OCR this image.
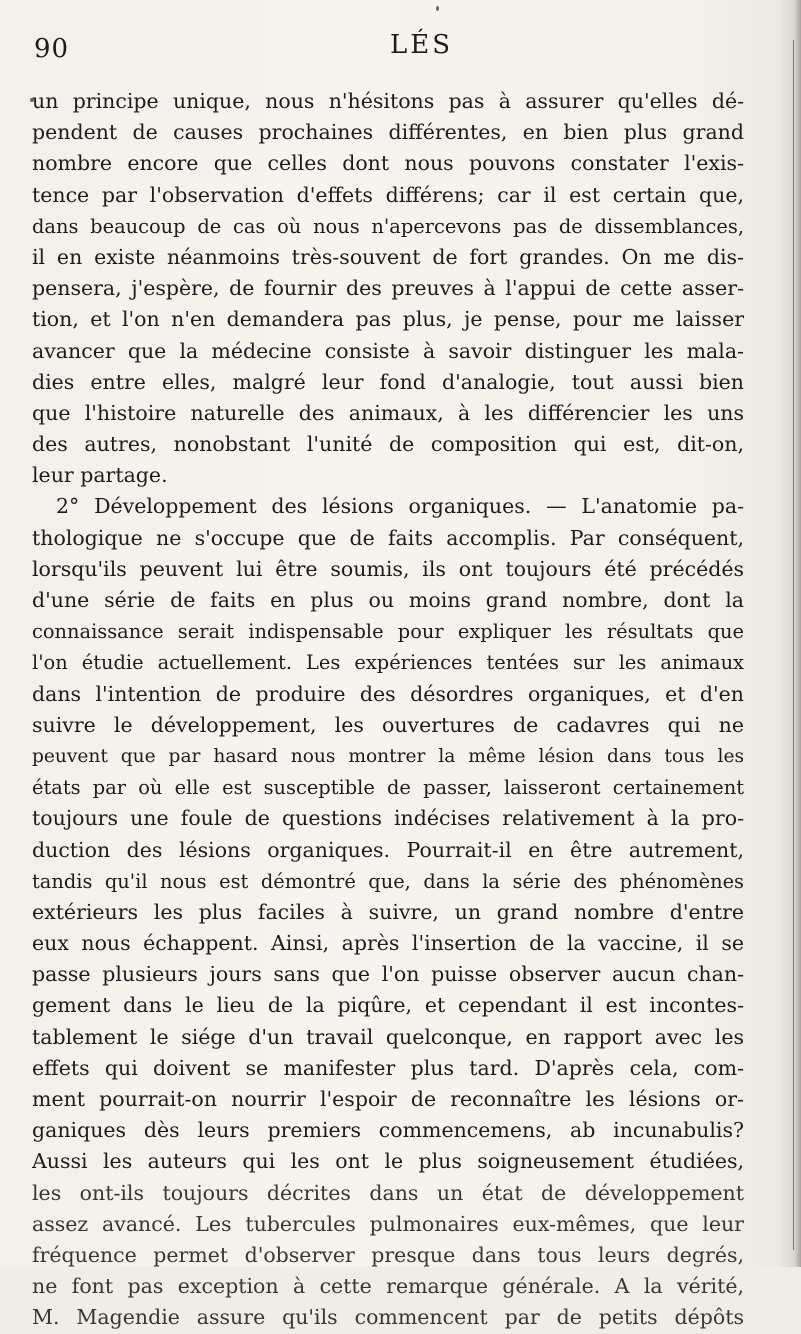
90	LÉS
un principe unique, nous n'hésitons pas à assurer qu'elles dé-
pendent de causes prochaines différentes, en bien plus grand
nombre encore que celles dont nous pouvons constater l'exis-
tence par l'observation d'effets différens; car il est certain que,
dans beaucoup de cas où nous n'apercevons pas de dissemblances,
il en existe néanmoins très-souvent de fort grandes. On me dis-
pensera, j'espère, de fournir des preuves à l'appui de cette asser-
tion, et l'on n'en demandera pas plus, je pense, pour me laisser
avancer que la médecine consiste à savoir distinguer les mala-
dies entre elles, malgré leur fond d'analogie, tout aussi bien
que l'histoire naturelle des animaux, à les différencier les uns
des autres, nonobstant l'unité de composition qui est, dit-on,
leur partage.
2° Développement des lésions organiques. — L'anatomie pa-
thologique ne s'occupe que de faits accomplis. Par conséquent,
lorsqu'ils peuvent lui être soumis, ils ont toujours été précédés
d'une série de faits en plus ou moins grand nombre, dont la
connaissance serait indispensable pour expliquer les résultats que
l'on étudie actuellement. Les expériences tentées sur les animaux
dans l'intention de produire des désordres organiques, et d'en
suivre le développement, les ouvertures de cadavres qui ne
peuvent que par hasard nous montrer la même lésion dans tous les
états par où elle est susceptible de passer, laisseront certainement
toujours une foule de questions indécises relativement à la pro-
duction des lésions organiques. Pourrait-il en être autrement,
tandis qu'il nous est démontré que, dans la série des phénomènes
extérieurs les plus faciles à suivre, un grand nombre d'entre
eux nous échappent. Ainsi, après l'insertion de la vaccine, il se
passe plusieurs jours sans que l'on puisse observer aucun chan-
gement dans le lieu de la piqûre, et cependant il est incontes-
tablement le siége d'un travail quelconque, en rapport avec les
effets qui doivent se manifester plus tard. D'après cela, com-
ment pourrait-on nourrir l'espoir de reconnaître les lésions or-
ganiques dès leurs premiers commencemens, ab incunabulis?
Aussi les auteurs qui les ont le plus soigneusement étudiées,
les ont-ils toujours décrites dans un état de développement
assez avancé. Les tubercules pulmonaires eux-mêmes, que leur
fréquence permet d'observer presque dans tous leurs degrés,
ne font pas exception à cette remarque générale. A la vérité,
M. Magendie assure qu'ils commencent par de petits dépôts
